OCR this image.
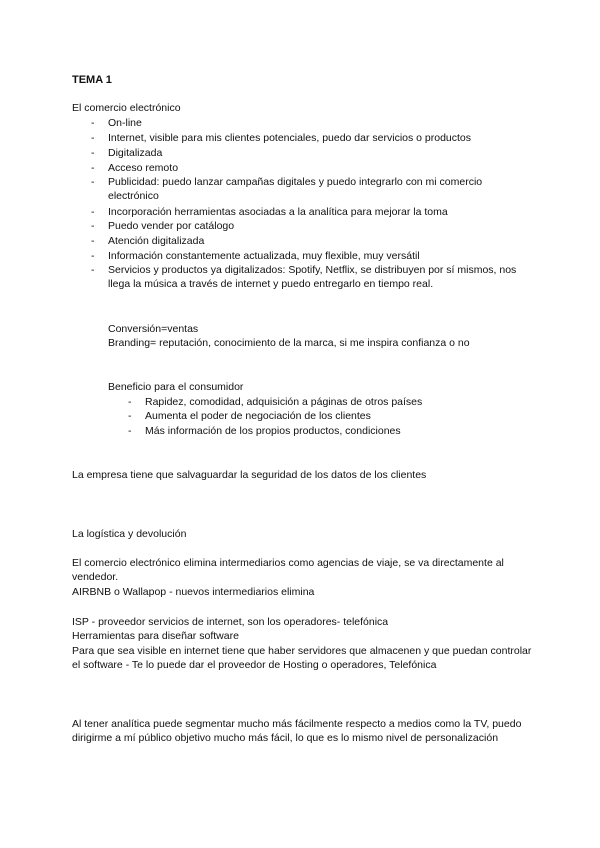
TEMA 1
El comercio electrónico
- On-line
- Internet, visible para mis clientes potenciales, puedo dar servicios o productos
- Digitalizada
- Acceso remoto
- Publicidad: puedo lanzar campañas digitales y puedo integrarlo con mi comercio electrónico
- Incorporación herramientas asociadas a la analítica para mejorar la toma
- Puedo vender por catálogo
- Atención digitalizada
- Información constantemente actualizada, muy flexible, muy versátil
- Servicios y productos ya digitalizados: Spotify, Netflix, se distribuyen por sí mismos, nos llega la música a través de internet y puedo entregarlo en tiempo real.
Conversión=ventas
Branding= reputación, conocimiento de la marca, si me inspira confianza o no
Beneficio para el consumidor
- Rapidez, comodidad, adquisición a páginas de otros países
- Aumenta el poder de negociación de los clientes
- Más información de los propios productos, condiciones
La empresa tiene que salvaguardar la seguridad de los datos de los clientes
La logística y devolución
El comercio electrónico elimina intermediarios como agencias de viaje, se va directamente al vendedor.
AIRBNB o Wallapop - nuevos intermediarios elimina
ISP - proveedor servicios de internet, son los operadores- telefónica
Herramientas para diseñar software
Para que sea visible en internet tiene que haber servidores que almacenen y que puedan controlar el software - Te lo puede dar el proveedor de Hosting o operadores, Telefónica
Al tener analítica puede segmentar mucho más fácilmente respecto a medios como la TV, puedo dirigirme a mí público objetivo mucho más fácil, lo que es lo mismo nivel de personalización
